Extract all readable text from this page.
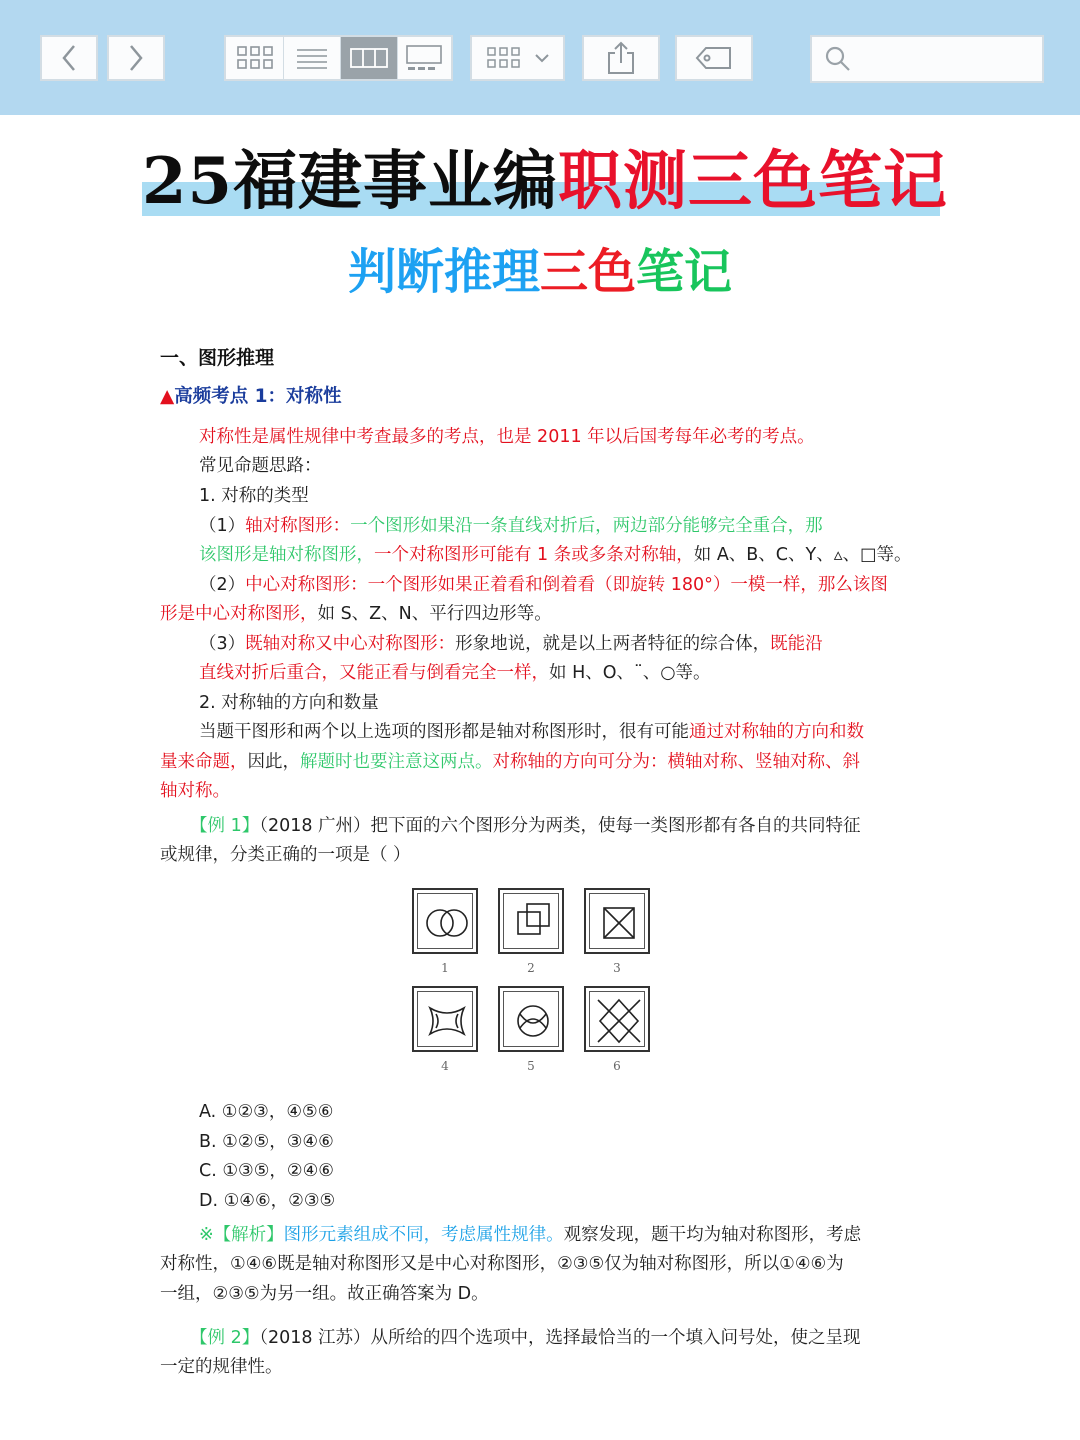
25福建事业编职测三色笔记
判断推理三色笔记
一、图形推理
▲高频考点 1：对称性
对称性是属性规律中考查最多的考点，也是 2011 年以后国考每年必考的考点。
常见命题思路：
1. 对称的类型
（1）轴对称图形：一个图形如果沿一条直线对折后，两边部分能够完全重合，那
该图形是轴对称图形，一个对称图形可能有 1 条或多条对称轴，如 A、B、C、Y、▵、□等。
（2）中心对称图形：一个图形如果正着看和倒着看（即旋转 180°）一模一样，那么该图
形是中心对称图形，如 S、Z、N、平行四边形等。
（3）既轴对称又中心对称图形：形象地说，就是以上两者特征的综合体，既能沿
直线对折后重合，又能正看与倒看完全一样，如 H、O、¨、○等。
2. 对称轴的方向和数量
当题干图形和两个以上选项的图形都是轴对称图形时，很有可能通过对称轴的方向和数
量来命题，因此，解题时也要注意这两点。对称轴的方向可分为：横轴对称、竖轴对称、斜
轴对称。
【例 1】（2018 广州）把下面的六个图形分为两类，使每一类图形都有各自的共同特征
或规律，分类正确的一项是（ ）
1	2	3
4	5	6
A. ①②③，④⑤⑥
B. ①②⑤，③④⑥
C. ①③⑤，②④⑥
D. ①④⑥，②③⑤
※【解析】图形元素组成不同，考虑属性规律。观察发现，题干均为轴对称图形，考虑
对称性，①④⑥既是轴对称图形又是中心对称图形，②③⑤仅为轴对称图形，所以①④⑥为
一组，②③⑤为另一组。故正确答案为 D。
【例 2】（2018 江苏）从所给的四个选项中，选择最恰当的一个填入问号处，使之呈现
一定的规律性。
